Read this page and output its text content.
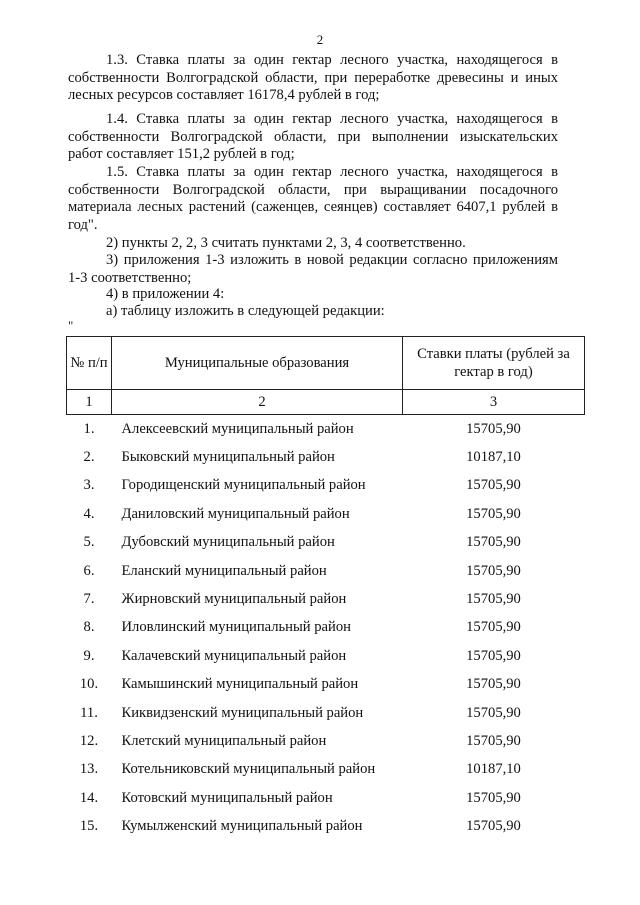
2

1.3. Ставка платы за один гектар лесного участка, находящегося в собственности Волгоградской области, при переработке древесины и иных лесных ресурсов составляет 16178,4 рублей в год;

1.4. Ставка платы за один гектар лесного участка, находящегося в собственности Волгоградской области, при выполнении изыскательских работ составляет 151,2 рублей в год;

1.5. Ставка платы за один гектар лесного участка, находящегося в собственности Волгоградской области, при выращивании посадочного материала лесных растений (саженцев, сеянцев) составляет 6407,1 рублей в год".

2) пункты 2, 2, 3 считать пунктами 2, 3, 4 соответственно.

3) приложения 1-3 изложить в новой редакции согласно приложениям 1-3 соответственно;

4) в приложении 4:

а) таблицу изложить в следующей редакции:

"
№ п/п	Муниципальные образования	Ставки платы (рублей за гектар в год)
1	2	3
1.	Алексеевский муниципальный район	15705,90
2.	Быковский муниципальный район	10187,10
3.	Городищенский муниципальный район	15705,90
4.	Даниловский муниципальный район	15705,90
5.	Дубовский муниципальный район	15705,90
6.	Еланский муниципальный район	15705,90
7.	Жирновский муниципальный район	15705,90
8.	Иловлинский муниципальный район	15705,90
9.	Калачевский муниципальный район	15705,90
10.	Камышинский муниципальный район	15705,90
11.	Киквидзенский муниципальный район	15705,90
12.	Клетский муниципальный район	15705,90
13.	Котельниковский муниципальный район	10187,10
14.	Котовский муниципальный район	15705,90
15.	Кумылженский муниципальный район	15705,90
